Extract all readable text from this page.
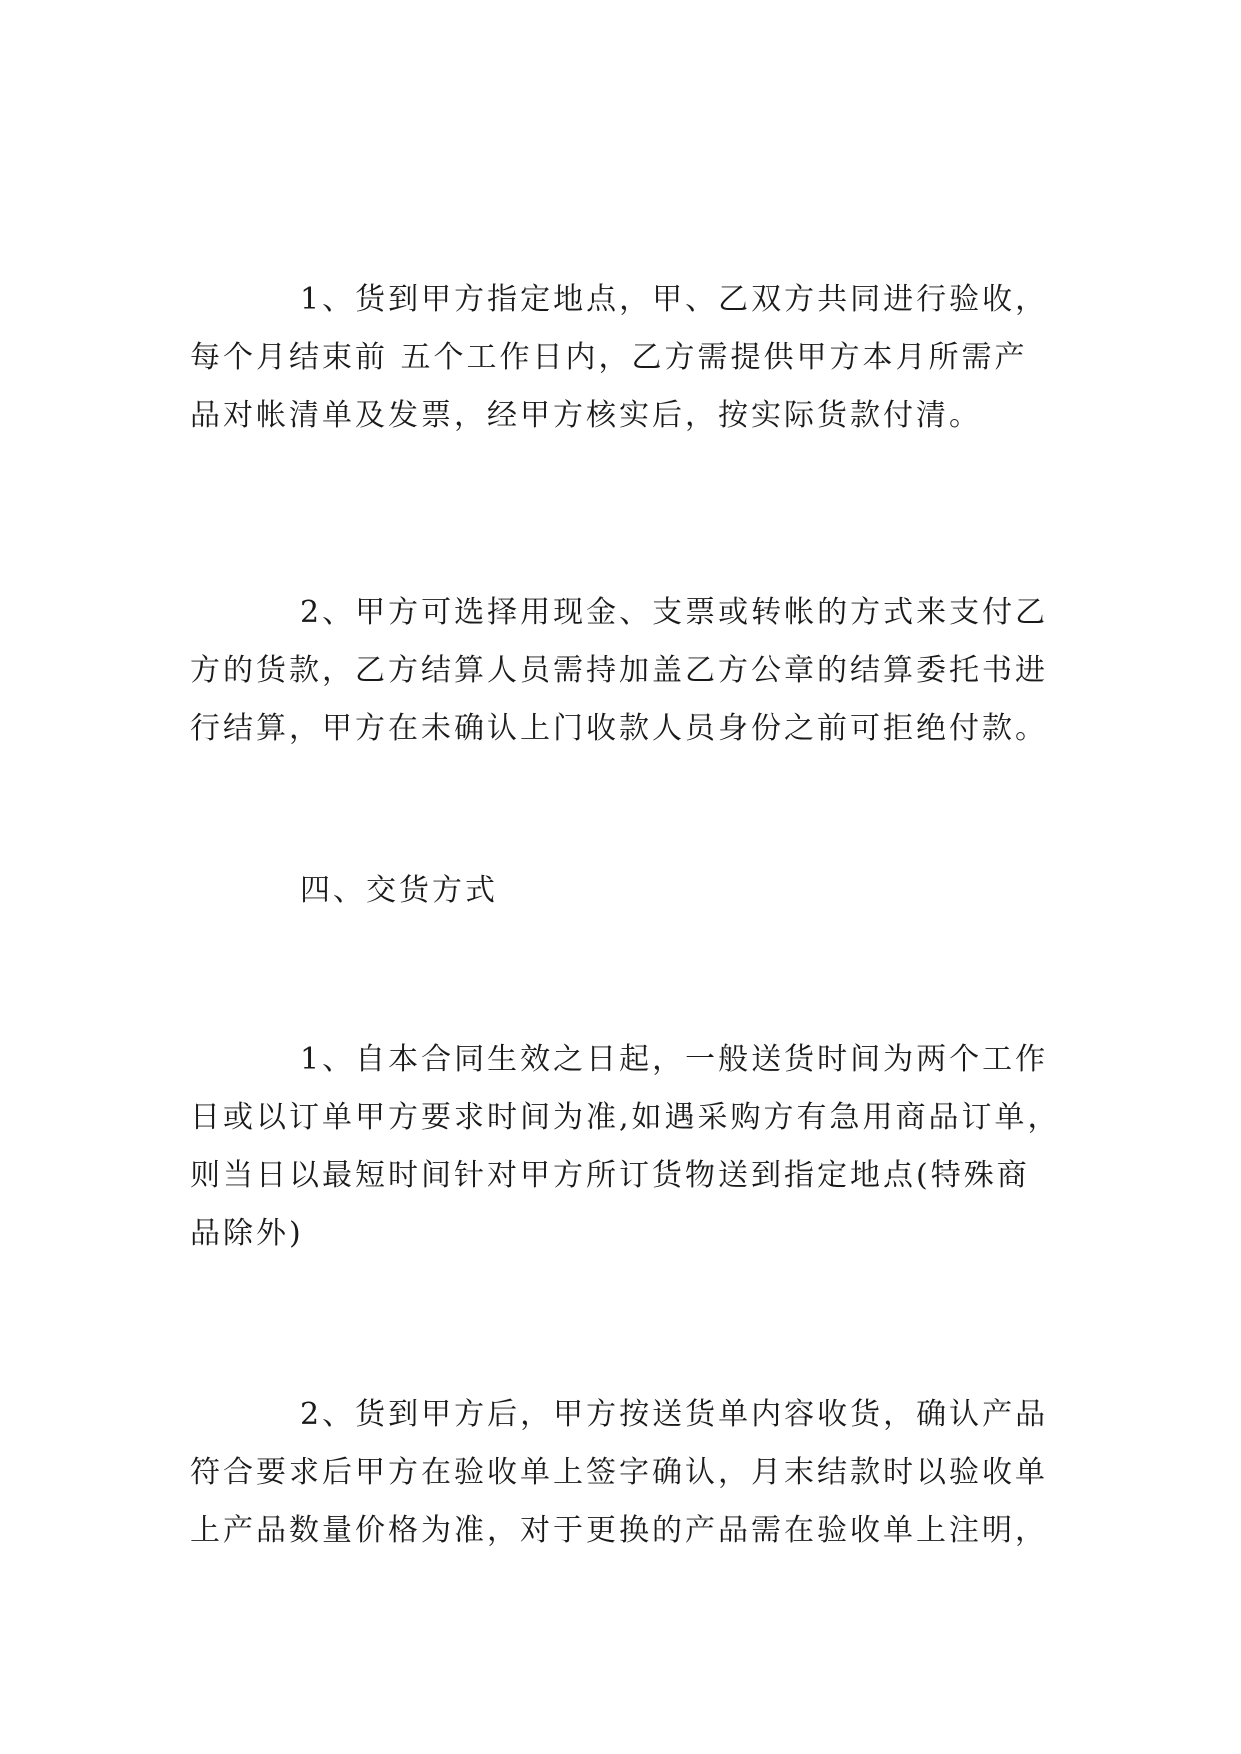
1、货到甲方指定地点，甲、乙双方共同进行验收，
每个月结束前 五个工作日内，乙方需提供甲方本月所需产
品对帐清单及发票，经甲方核实后，按实际货款付清。
2、甲方可选择用现金、支票或转帐的方式来支付乙
方的货款，乙方结算人员需持加盖乙方公章的结算委托书进
行结算，甲方在未确认上门收款人员身份之前可拒绝付款。
四、交货方式
1、自本合同生效之日起，一般送货时间为两个工作
日或以订单甲方要求时间为准,如遇采购方有急用商品订单，
则当日以最短时间针对甲方所订货物送到指定地点(特殊商
品除外)
2、货到甲方后，甲方按送货单内容收货，确认产品
符合要求后甲方在验收单上签字确认，月末结款时以验收单
上产品数量价格为准，对于更换的产品需在验收单上注明，
